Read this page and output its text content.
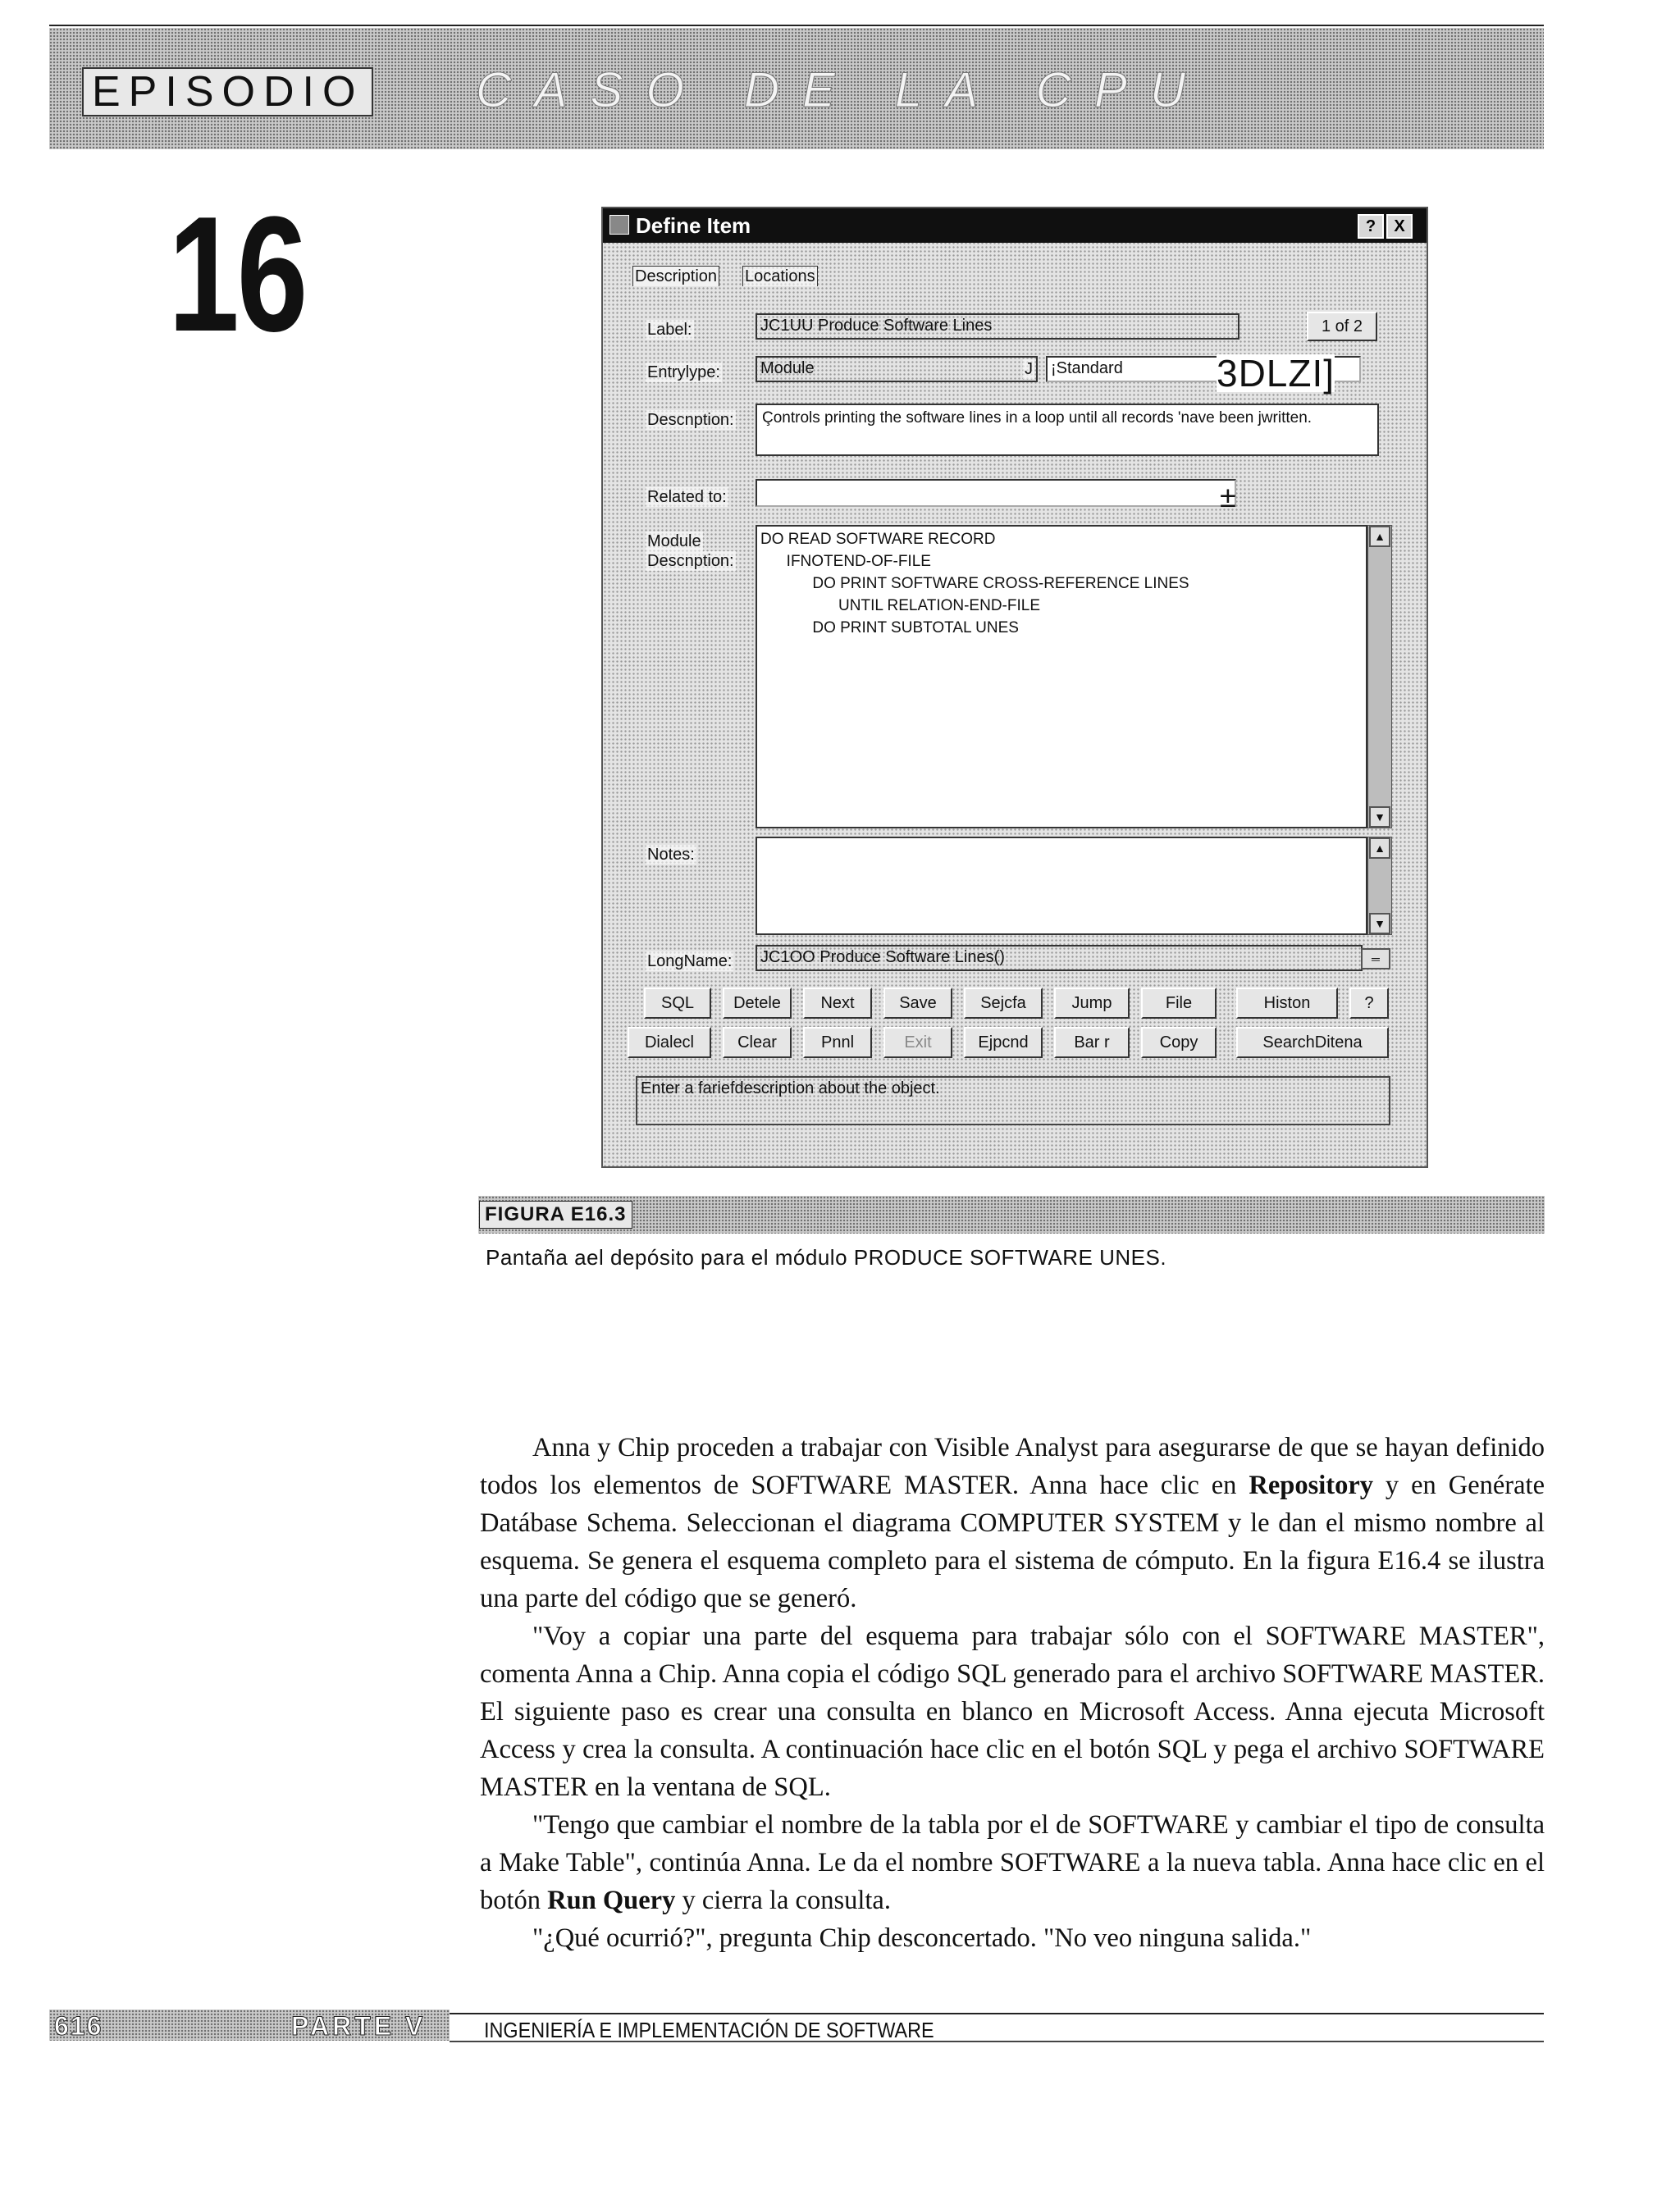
EPISODIO CASO DE LA CPU
16	Define Item	?	X
Description Locations
Label:	JC1UU Produce Software Lines	1 of 2
Entrylype:	Module	J	¡Standard	3DLZI]
Descnption:	Çontrols printing the software lines in a loop until all records 'nave been jwritten.
Related to:	±
Module
Descnption:
DO READ SOFTWARE RECORD
IFNOTEND-OF-FILE
DO PRINT SOFTWARE CROSS-REFERENCE LINES
UNTIL RELATION-END-FILE
DO PRINT SUBTOTAL UNES
▲
▼
Notes:	▲
▼
LongName:	JC1OO Produce Software Lines()	═
SQL	Detele	Next	Save	Sejcfa	Jump	File	Histon	?
Dialecl	Clear	Pnnl	Exit	Ejpcnd	Bar r	Copy	SearchDitena
Enter a fariefdescription about the object.
FIGURA E16.3
Pantaña ael depósito para el módulo PRODUCE SOFTWARE UNES.

Anna y Chip proceden a trabajar con Visible Analyst para asegurarse de que se hayan definido todos los elementos de SOFTWARE MASTER. Anna hace clic en Repository y en Genérate Datábase Schema. Seleccionan el diagrama COMPUTER SYSTEM y le dan el mismo nombre al esquema. Se genera el esquema completo para el sistema de cómputo. En la figura E16.4 se ilustra una parte del código que se generó.

"Voy a copiar una parte del esquema para trabajar sólo con el SOFTWARE MASTER", comenta Anna a Chip. Anna copia el código SQL generado para el archivo SOFTWARE MASTER. El siguiente paso es crear una consulta en blanco en Microsoft Access. Anna ejecuta Microsoft Access y crea la consulta. A continuación hace clic en el botón SQL y pega el archivo SOFTWARE MASTER en la ventana de SQL.

"Tengo que cambiar el nombre de la tabla por el de SOFTWARE y cambiar el tipo de consulta a Make Table", continúa Anna. Le da el nombre SOFTWARE a la nueva tabla. Anna hace clic en el botón Run Query y cierra la consulta.

"¿Qué ocurrió?", pregunta Chip desconcertado. "No veo ninguna salida."

616	PARTE V	INGENIERÍA E IMPLEMENTACIÓN DE SOFTWARE
